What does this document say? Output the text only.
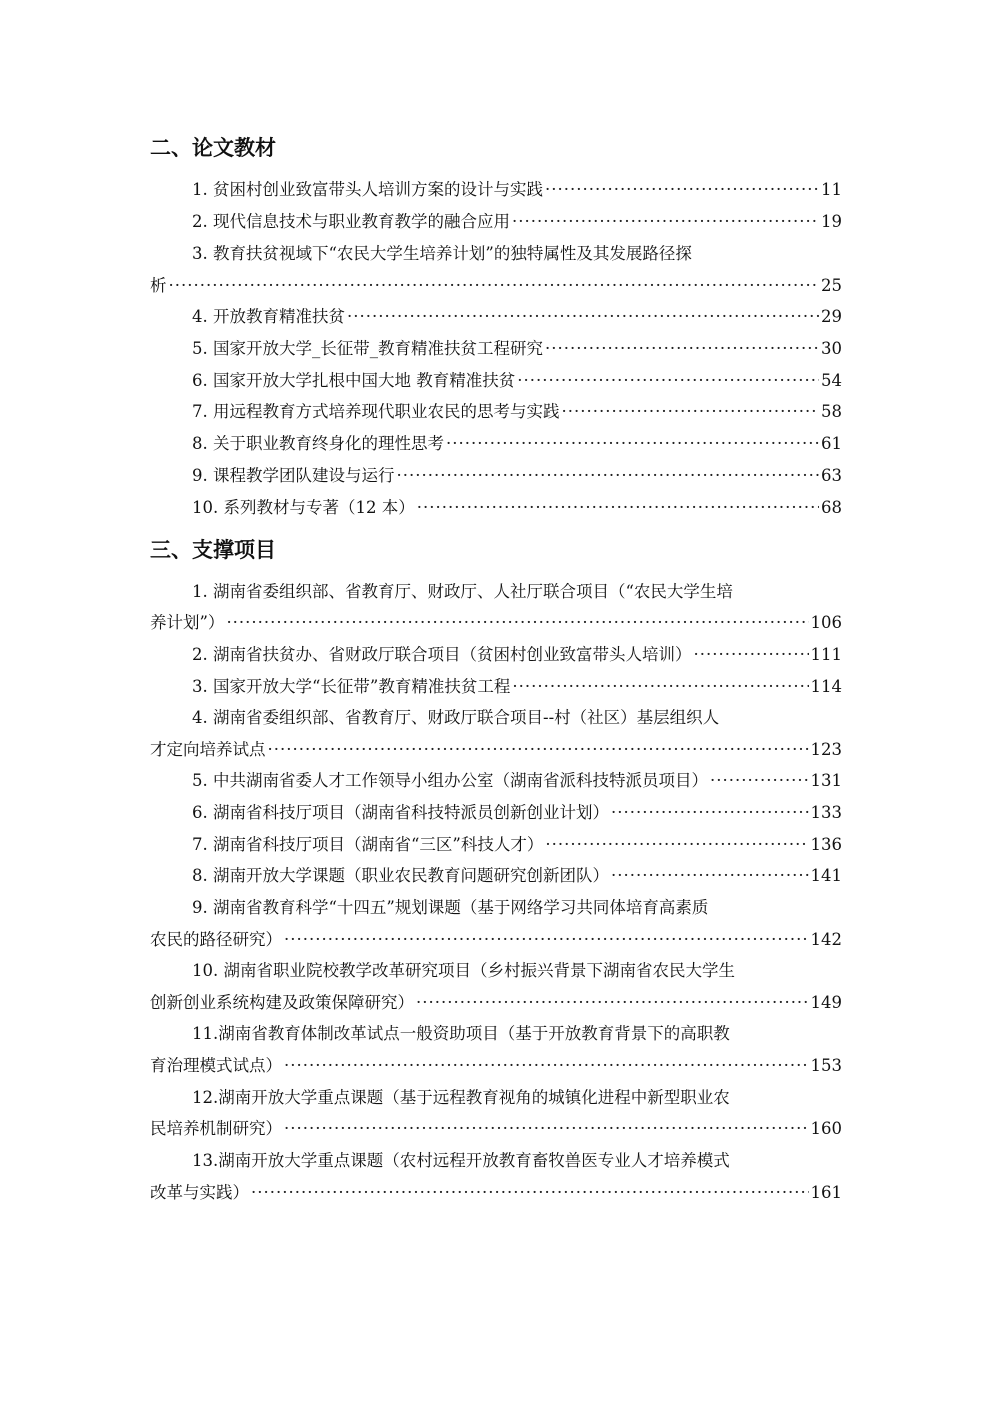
二、论文教材
1. 贫困村创业致富带头人培训方案的设计与实践 ·····	11
2. 现代信息技术与职业教育教学的融合应用 ·····	19
3. 教育扶贫视域下“农民大学生培养计划”的独特属性及其发展路径探
析 ·····	25
4. 开放教育精准扶贫 ·····	29
5. 国家开放大学_长征带_教育精准扶贫工程研究 ·····	30
6. 国家开放大学扎根中国大地 教育精准扶贫 ·····	54
7. 用远程教育方式培养现代职业农民的思考与实践 ·····	58
8. 关于职业教育终身化的理性思考 ·····	61
9. 课程教学团队建设与运行 ·····	63
10. 系列教材与专著（12 本） ·····	68
三、支撑项目
1. 湖南省委组织部、省教育厅、财政厅、人社厅联合项目（“农民大学生培
养计划”） ·····	106
2. 湖南省扶贫办、省财政厅联合项目（贫困村创业致富带头人培训） ·····	111
3. 国家开放大学“长征带”教育精准扶贫工程 ·····	114
4. 湖南省委组织部、省教育厅、财政厅联合项目--村（社区）基层组织人
才定向培养试点 ·····	123
5. 中共湖南省委人才工作领导小组办公室（湖南省派科技特派员项目） ·····	131
6. 湖南省科技厅项目（湖南省科技特派员创新创业计划） ·····	133
7. 湖南省科技厅项目（湖南省“三区”科技人才） ·····	136
8. 湖南开放大学课题（职业农民教育问题研究创新团队） ·····	141
9. 湖南省教育科学“十四五”规划课题（基于网络学习共同体培育高素质
农民的路径研究） ·····	142
10. 湖南省职业院校教学改革研究项目（乡村振兴背景下湖南省农民大学生
创新创业系统构建及政策保障研究） ·····	149
11.湖南省教育体制改革试点一般资助项目（基于开放教育背景下的高职教
育治理模式试点） ·····	153
12.湖南开放大学重点课题（基于远程教育视角的城镇化进程中新型职业农
民培养机制研究） ·····	160
13.湖南开放大学重点课题（农村远程开放教育畜牧兽医专业人才培养模式
改革与实践） ·····	161
